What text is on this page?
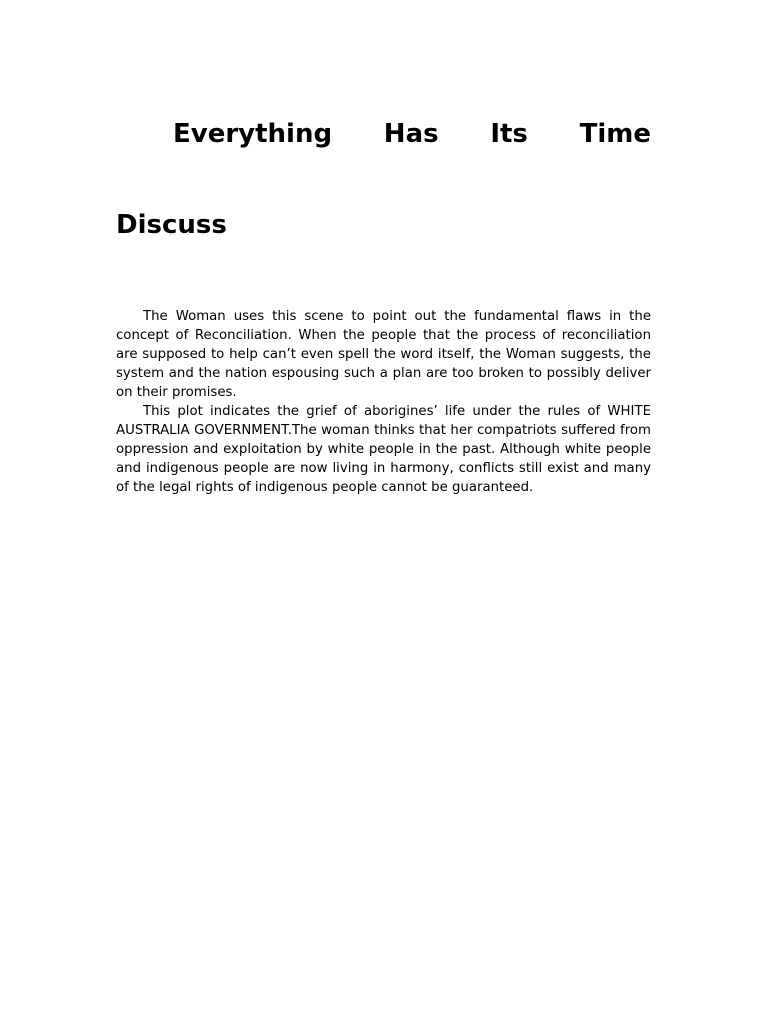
Everything Has Its Time
Discuss

The Woman uses this scene to point out the fundamental flaws in the concept of Reconciliation. When the people that the process of reconciliation are supposed to help can’t even spell the word itself, the Woman suggests, the system and the nation espousing such a plan are too broken to possibly deliver on their promises.

This plot indicates the grief of aborigines’ life under the rules of WHITE AUSTRALIA GOVERNMENT.The woman thinks that her compatriots suffered from oppression and exploitation by white people in the past. Although white people and indigenous people are now living in harmony, conflicts still exist and many of the legal rights of indigenous people cannot be guaranteed.
